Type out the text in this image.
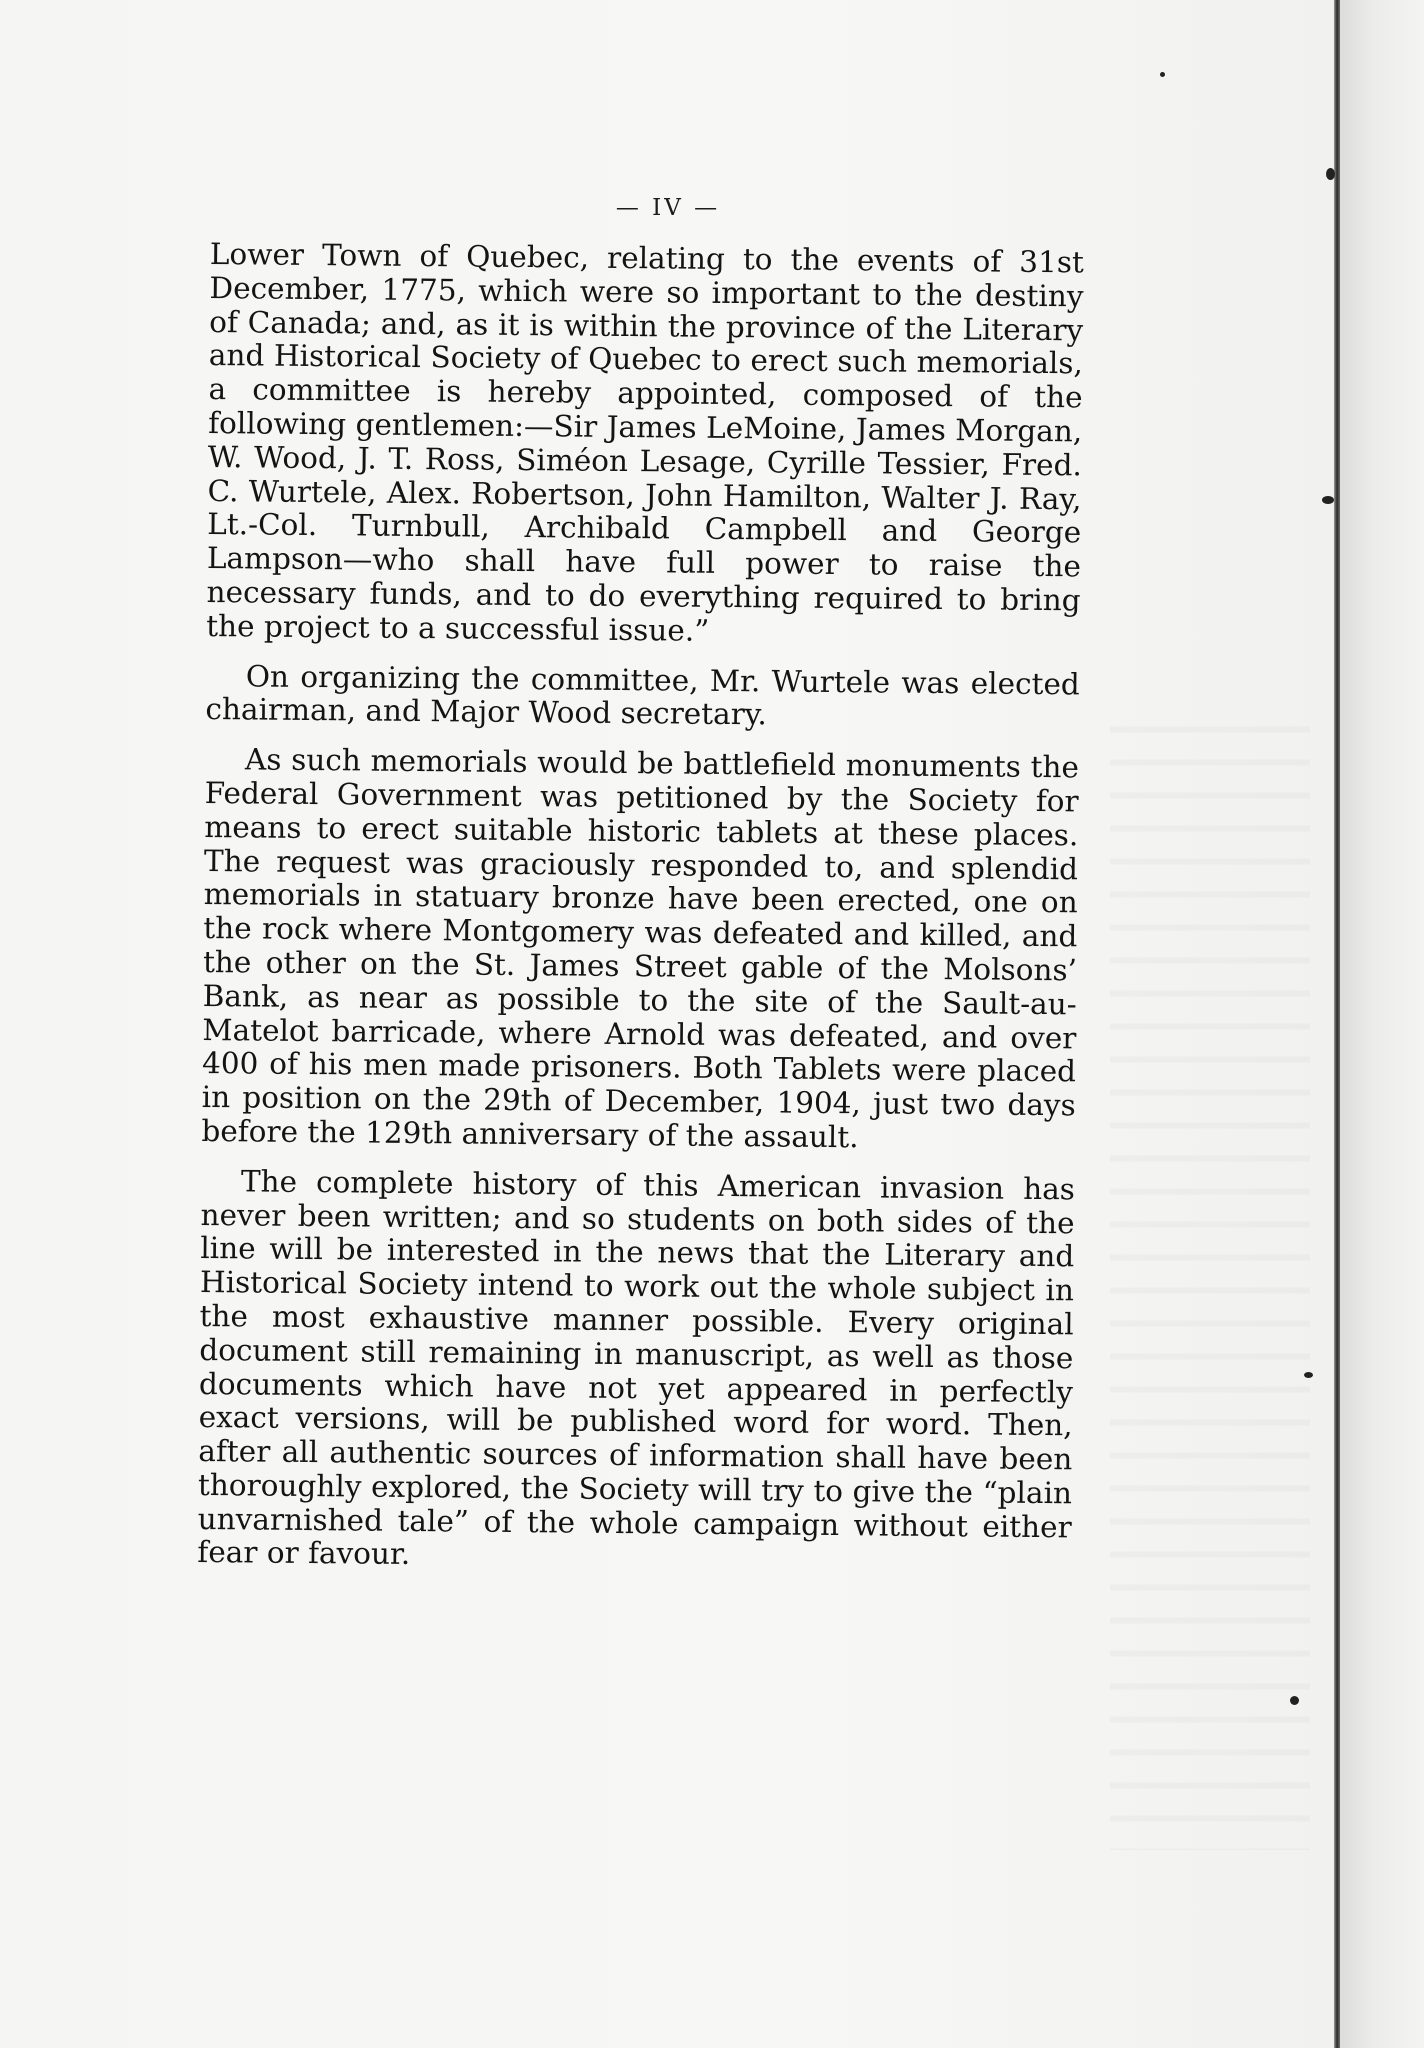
— IV —

Lower Town of Quebec, relating to the events of 31st December, 1775, which were so important to the destiny of Canada; and, as it is within the province of the Literary and Historical Society of Quebec to erect such memorials, a committee is hereby appointed, composed of the following gentlemen:—Sir James LeMoine, James Morgan, W. Wood, J. T. Ross, Siméon Lesage, Cyrille Tessier, Fred. C. Wurtele, Alex. Robertson, John Hamilton, Walter J. Ray, Lt.-Col. Turnbull, Archibald Campbell and George Lampson—who shall have full power to raise the necessary funds, and to do everything required to bring the project to a successful issue.”

On organizing the committee, Mr. Wurtele was elected chairman, and Major Wood secretary.

As such memorials would be battlefield monuments the Federal Government was petitioned by the Society for means to erect suitable historic tablets at these places. The request was graciously responded to, and splendid memorials in statuary bronze have been erected, one on the rock where Montgomery was defeated and killed, and the other on the St. James Street gable of the Molsons’ Bank, as near as possible to the site of the Sault-au-Matelot barricade, where Arnold was defeated, and over 400 of his men made prisoners. Both Tablets were placed in position on the 29th of December, 1904, just two days before the 129th anniversary of the assault.

The complete history of this American invasion has never been written; and so students on both sides of the line will be interested in the news that the Literary and Historical Society intend to work out the whole subject in the most exhaustive manner possible. Every original document still remaining in manuscript, as well as those documents which have not yet appeared in perfectly exact versions, will be published word for word. Then, after all authentic sources of information shall have been thoroughly explored, the Society will try to give the “plain unvarnished tale” of the whole campaign without either fear or favour.
